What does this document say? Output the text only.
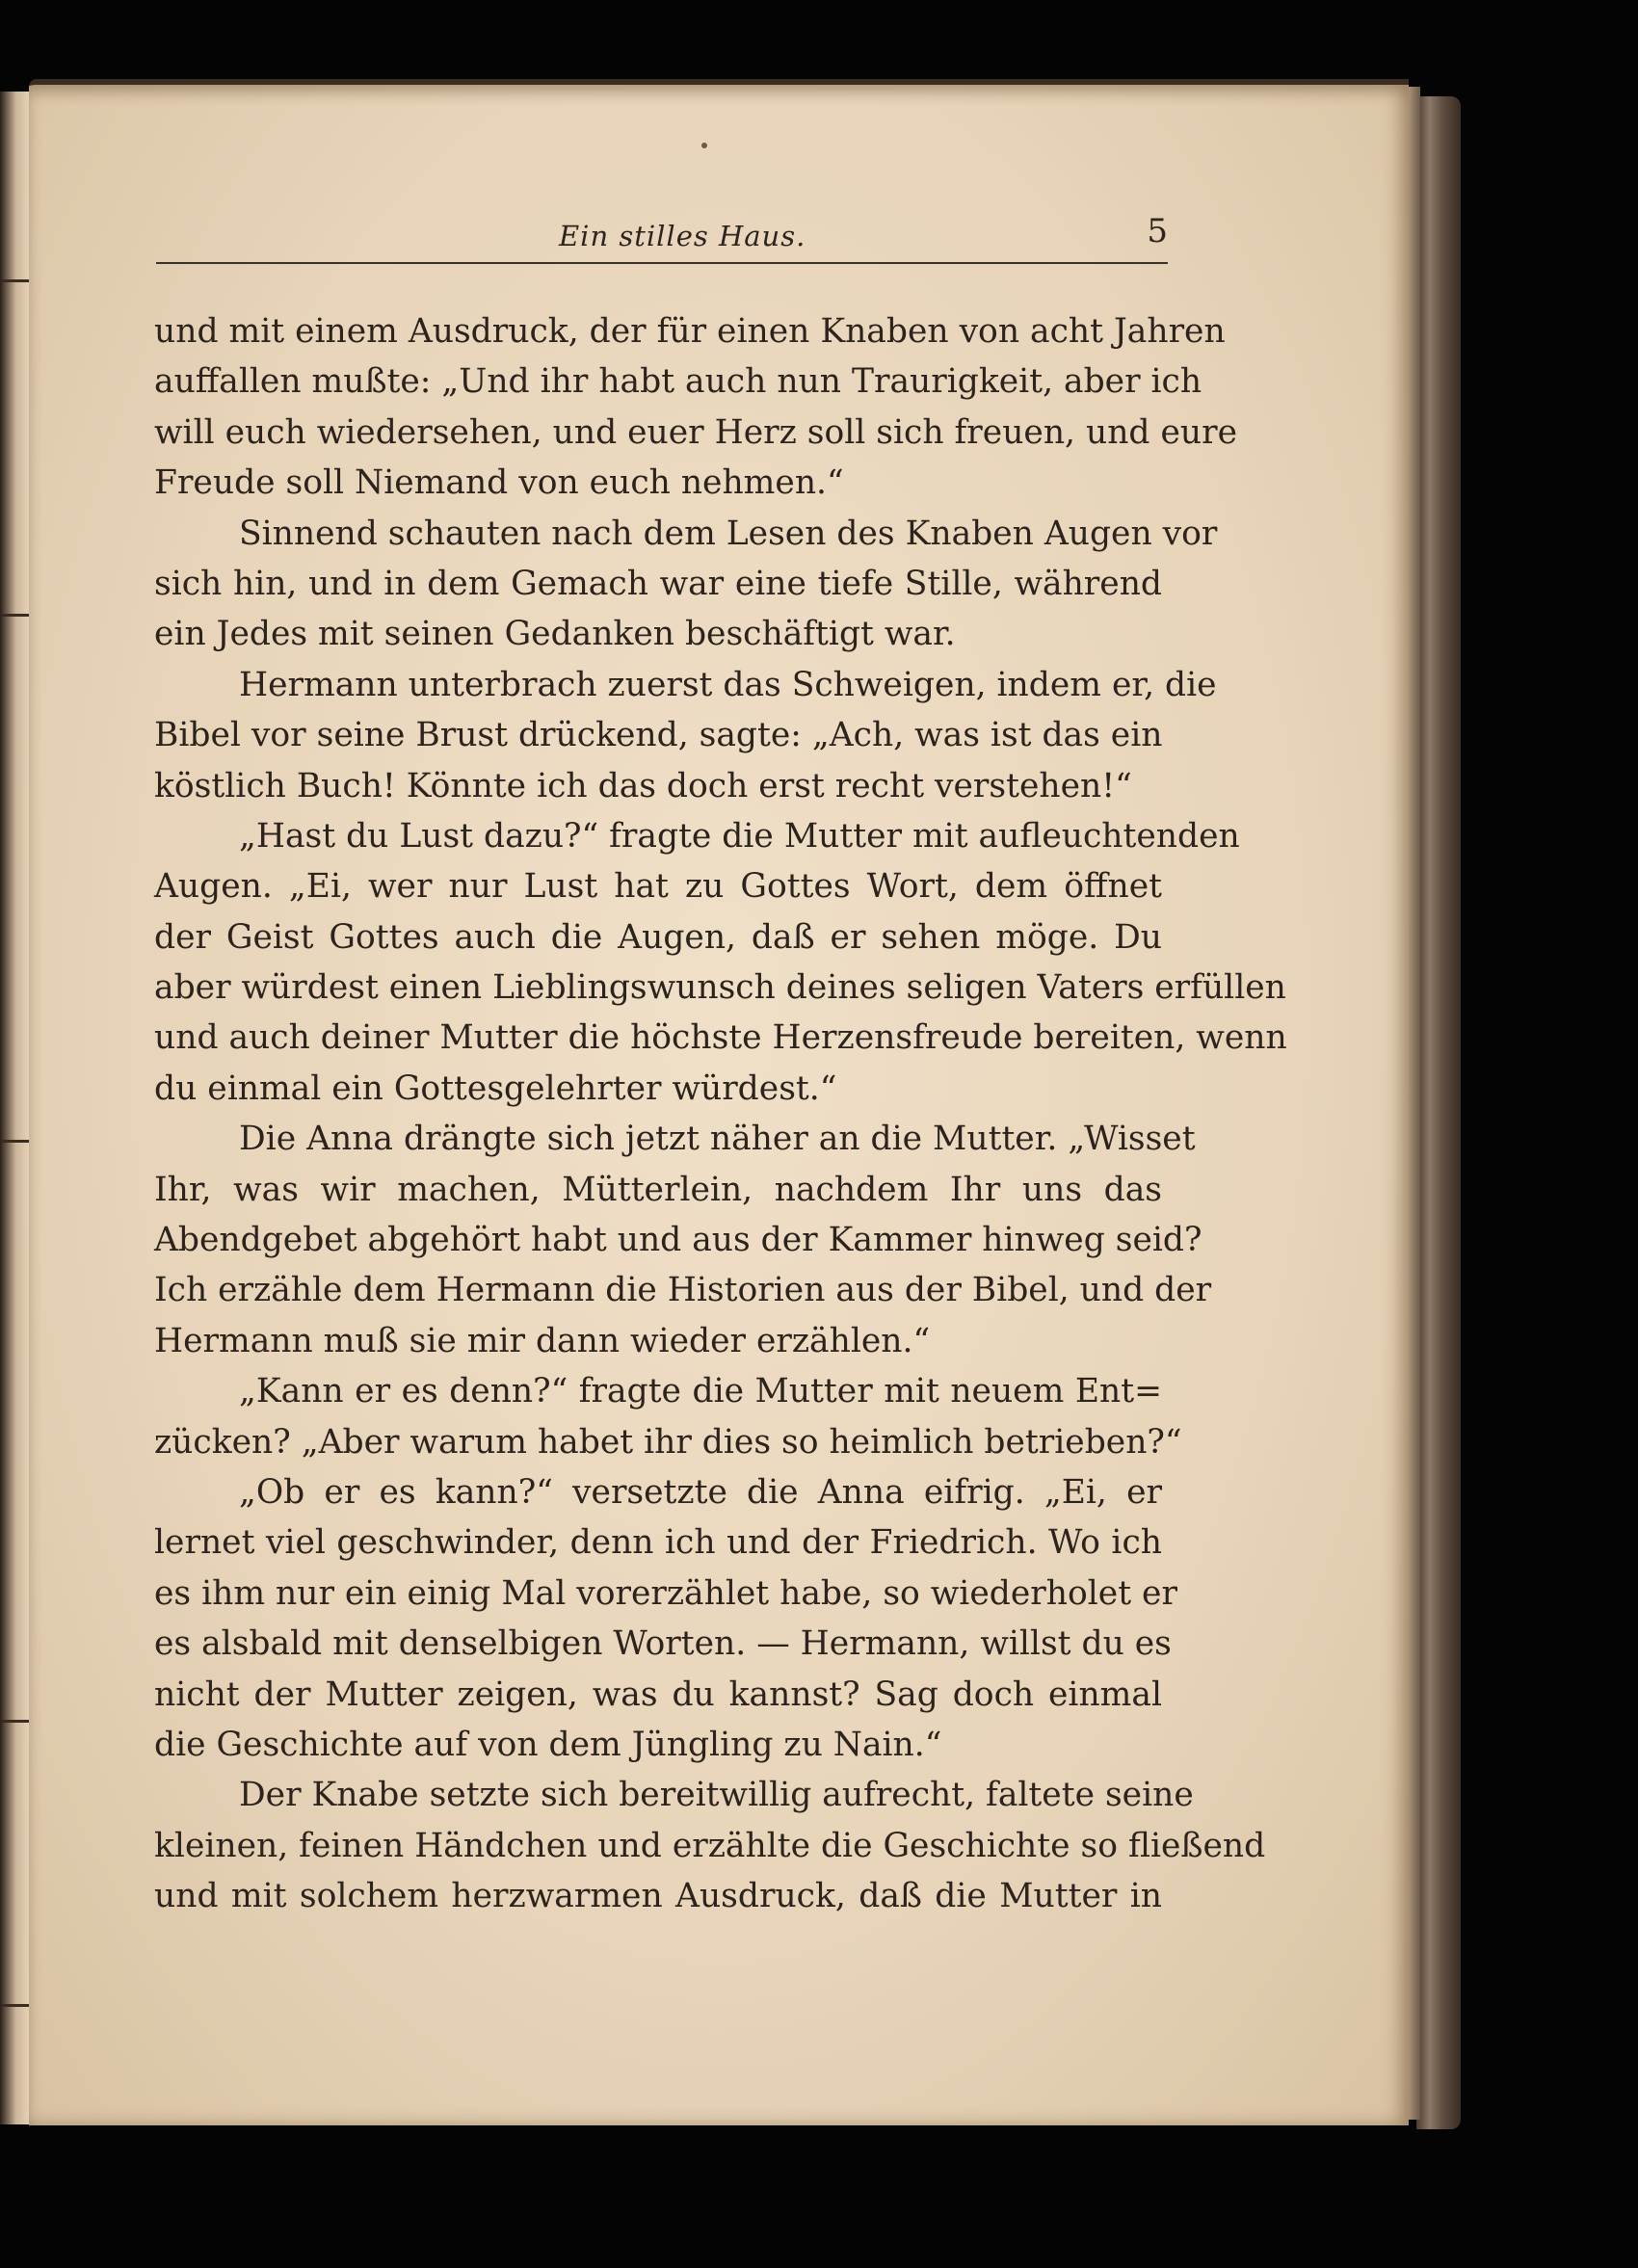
Ein stilles Haus.	5
und mit einem Ausdruck, der für einen Knaben von acht Jahren
auffallen mußte: „Und ihr habt auch nun Traurigkeit, aber ich
will euch wiedersehen, und euer Herz soll sich freuen, und eure
Freude soll Niemand von euch nehmen.“
Sinnend schauten nach dem Lesen des Knaben Augen vor
sich hin, und in dem Gemach war eine tiefe Stille, während
ein Jedes mit seinen Gedanken beschäftigt war.
Hermann unterbrach zuerst das Schweigen, indem er, die
Bibel vor seine Brust drückend, sagte: „Ach, was ist das ein
köstlich Buch! Könnte ich das doch erst recht verstehen!“
„Hast du Lust dazu?“ fragte die Mutter mit aufleuchtenden
Augen. „Ei, wer nur Lust hat zu Gottes Wort, dem öffnet
der Geist Gottes auch die Augen, daß er sehen möge. Du
aber würdest einen Lieblingswunsch deines seligen Vaters erfüllen
und auch deiner Mutter die höchste Herzensfreude bereiten, wenn
du einmal ein Gottesgelehrter würdest.“
Die Anna drängte sich jetzt näher an die Mutter. „Wisset
Ihr, was wir machen, Mütterlein, nachdem Ihr uns das
Abendgebet abgehört habt und aus der Kammer hinweg seid?
Ich erzähle dem Hermann die Historien aus der Bibel, und der
Hermann muß sie mir dann wieder erzählen.“
„Kann er es denn?“ fragte die Mutter mit neuem Ent=
zücken? „Aber warum habet ihr dies so heimlich betrieben?“
„Ob er es kann?“ versetzte die Anna eifrig. „Ei, er
lernet viel geschwinder, denn ich und der Friedrich. Wo ich
es ihm nur ein einig Mal vorerzählet habe, so wiederholet er
es alsbald mit denselbigen Worten. — Hermann, willst du es
nicht der Mutter zeigen, was du kannst? Sag doch einmal
die Geschichte auf von dem Jüngling zu Nain.“
Der Knabe setzte sich bereitwillig aufrecht, faltete seine
kleinen, feinen Händchen und erzählte die Geschichte so fließend
und mit solchem herzwarmen Ausdruck, daß die Mutter in
